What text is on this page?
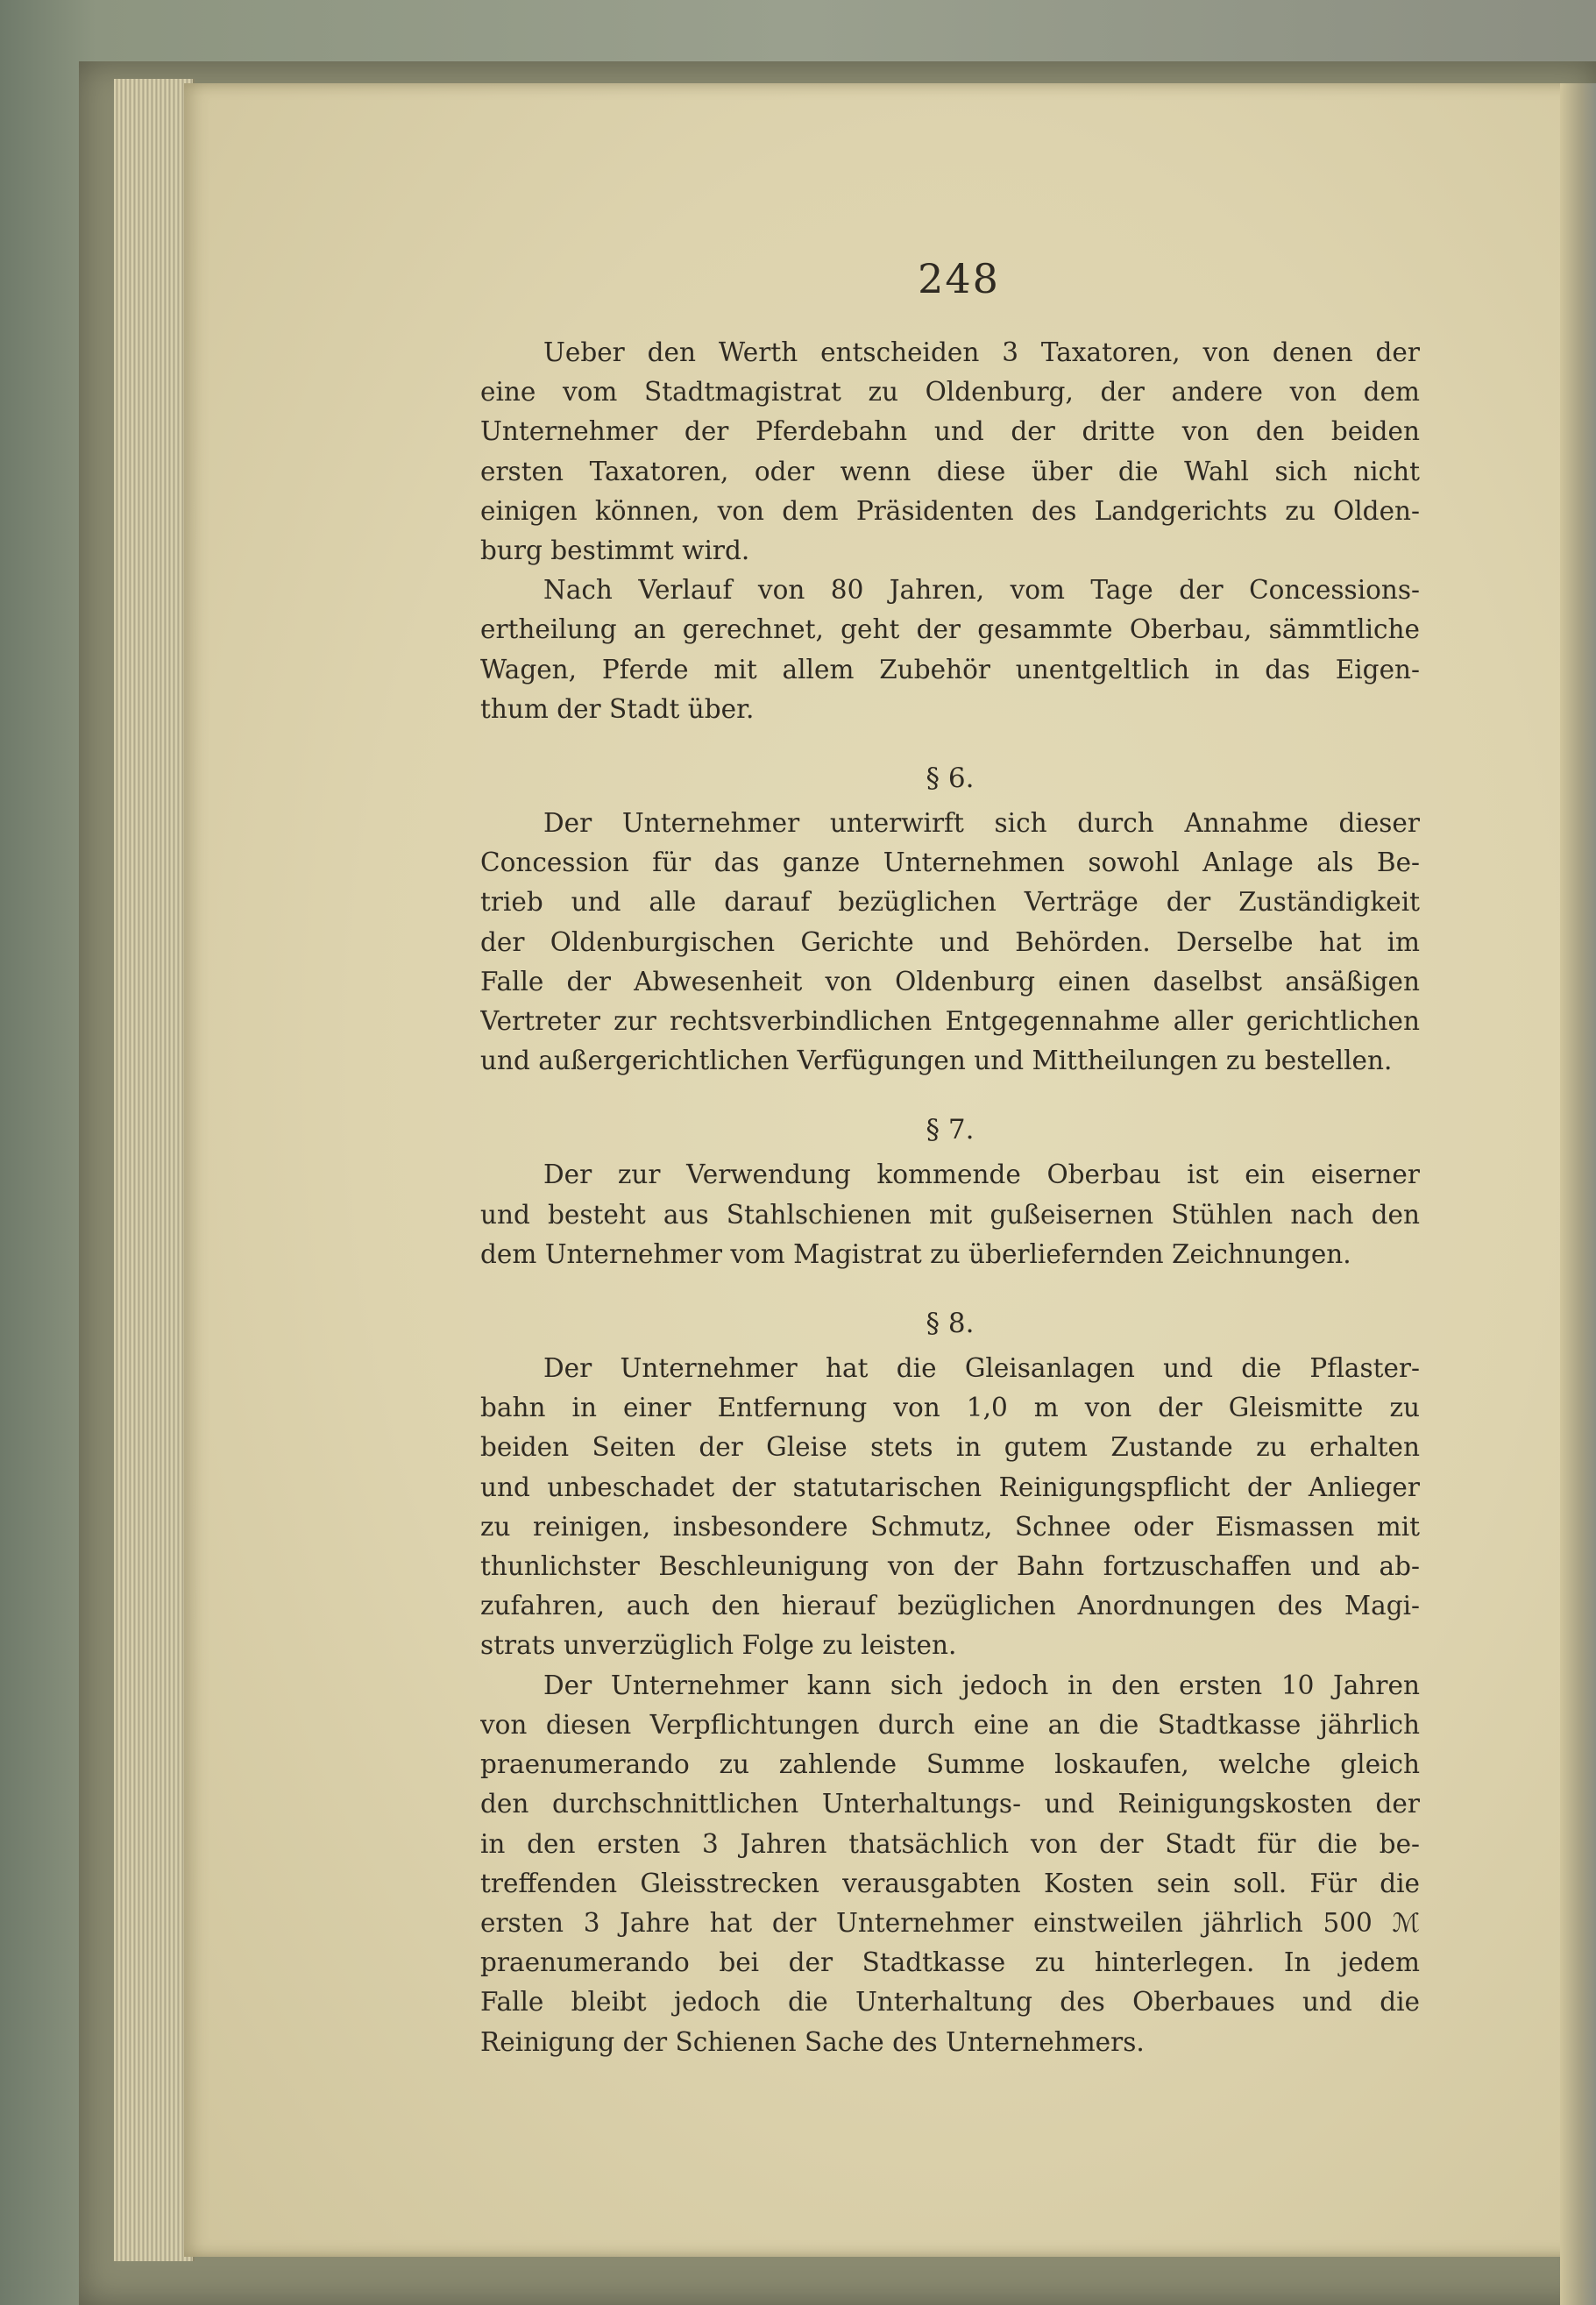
248

Ueber den Werth entscheiden 3 Taxatoren, von denen der
eine vom Stadtmagistrat zu Oldenburg, der andere von dem
Unternehmer der Pferdebahn und der dritte von den beiden
ersten Taxatoren, oder wenn diese über die Wahl sich nicht
einigen können, von dem Präsidenten des Landgerichts zu Olden-
burg bestimmt wird.

Nach Verlauf von 80 Jahren, vom Tage der Concessions-
ertheilung an gerechnet, geht der gesammte Oberbau, sämmtliche
Wagen, Pferde mit allem Zubehör unentgeltlich in das Eigen-
thum der Stadt über.

§ 6.

Der Unternehmer unterwirft sich durch Annahme dieser
Concession für das ganze Unternehmen sowohl Anlage als Be-
trieb und alle darauf bezüglichen Verträge der Zuständigkeit
der Oldenburgischen Gerichte und Behörden. Derselbe hat im
Falle der Abwesenheit von Oldenburg einen daselbst ansäßigen
Vertreter zur rechtsverbindlichen Entgegennahme aller gerichtlichen
und außergerichtlichen Verfügungen und Mittheilungen zu bestellen.

§ 7.

Der zur Verwendung kommende Oberbau ist ein eiserner
und besteht aus Stahlschienen mit gußeisernen Stühlen nach den
dem Unternehmer vom Magistrat zu überliefernden Zeichnungen.

§ 8.

Der Unternehmer hat die Gleisanlagen und die Pflaster-
bahn in einer Entfernung von 1,0 m von der Gleismitte zu
beiden Seiten der Gleise stets in gutem Zustande zu erhalten
und unbeschadet der statutarischen Reinigungspflicht der Anlieger
zu reinigen, insbesondere Schmutz, Schnee oder Eismassen mit
thunlichster Beschleunigung von der Bahn fortzuschaffen und ab-
zufahren, auch den hierauf bezüglichen Anordnungen des Magi-
strats unverzüglich Folge zu leisten.

Der Unternehmer kann sich jedoch in den ersten 10 Jahren
von diesen Verpflichtungen durch eine an die Stadtkasse jährlich
praenumerando zu zahlende Summe loskaufen, welche gleich
den durchschnittlichen Unterhaltungs- und Reinigungskosten der
in den ersten 3 Jahren thatsächlich von der Stadt für die be-
treffenden Gleisstrecken verausgabten Kosten sein soll. Für die
ersten 3 Jahre hat der Unternehmer einstweilen jährlich 500 ℳ
praenumerando bei der Stadtkasse zu hinterlegen. In jedem
Falle bleibt jedoch die Unterhaltung des Oberbaues und die
Reinigung der Schienen Sache des Unternehmers.
